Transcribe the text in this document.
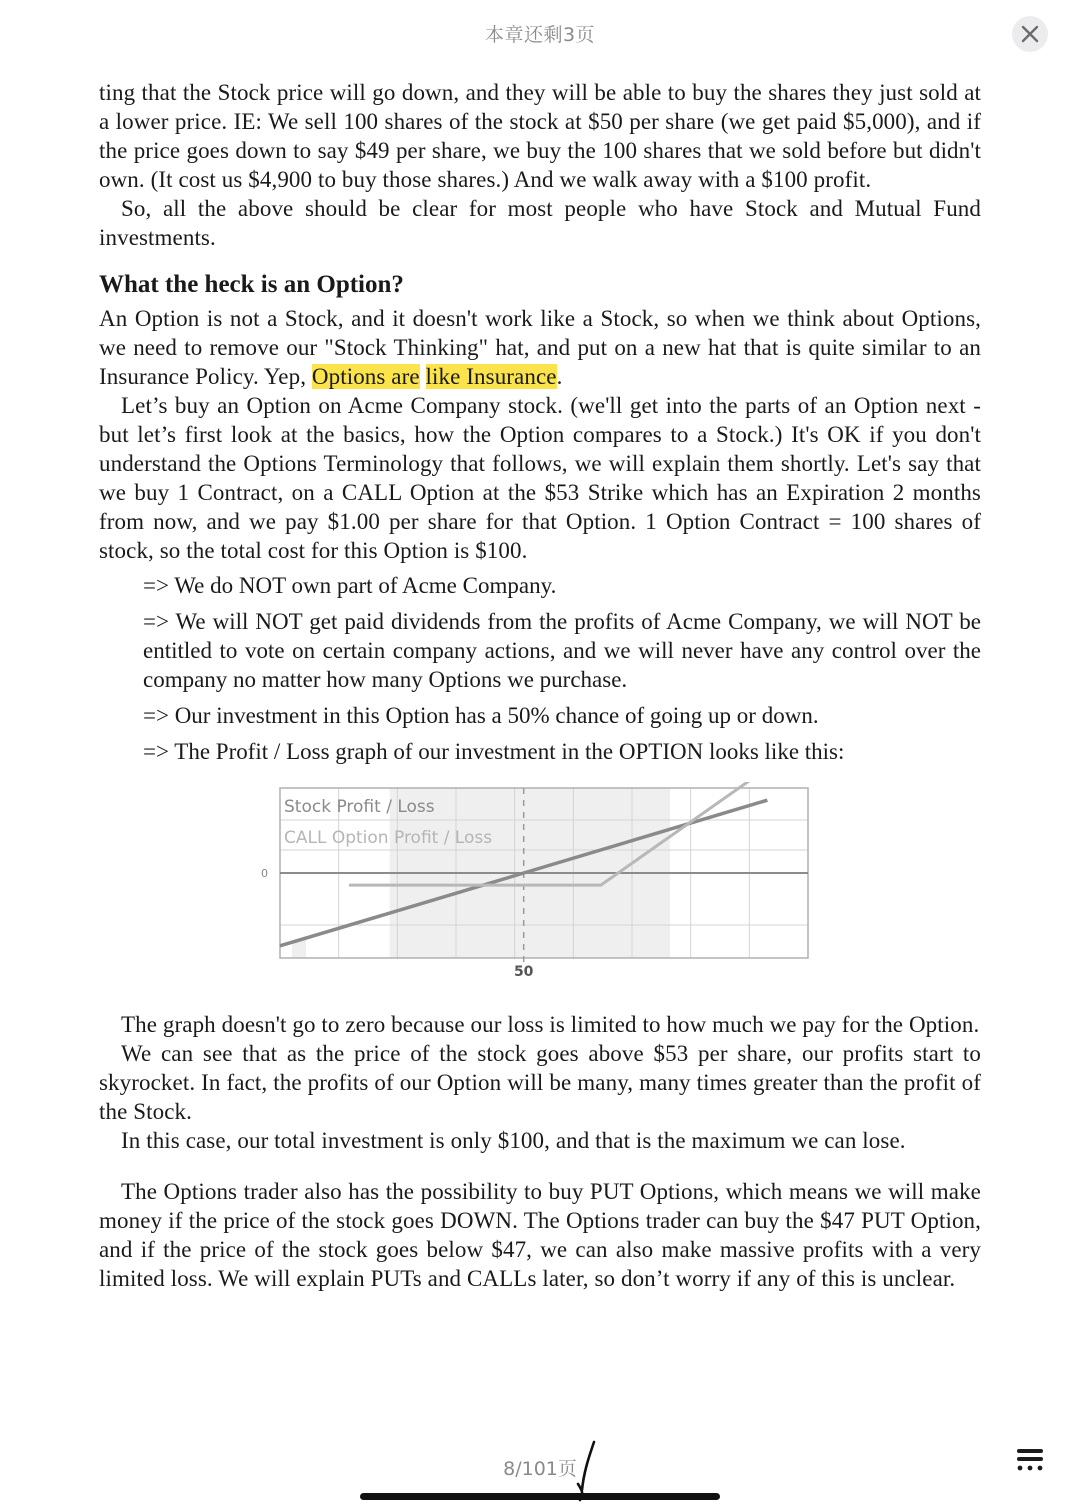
本章还剩3页

ting that the Stock price will go down, and they will be able to buy the shares they just sold at a lower price. IE: We sell 100 shares of the stock at $50 per share (we get paid $5,000), and if the price goes down to say $49 per share, we buy the 100 shares that we sold before but didn't own. (It cost us $4,900 to buy those shares.) And we walk away with a $100 profit.

So, all the above should be clear for most people who have Stock and Mutual Fund investments.

What the heck is an Option?

An Option is not a Stock, and it doesn't work like a Stock, so when we think about Options, we need to remove our "Stock Thinking" hat, and put on a new hat that is quite similar to an Insurance Policy. Yep, Options are like Insurance.

Let’s buy an Option on Acme Company stock. (we'll get into the parts of an Option next - but let’s first look at the basics, how the Option compares to a Stock.) It's OK if you don't understand the Options Terminology that follows, we will explain them shortly. Let's say that we buy 1 Contract, on a CALL Option at the $53 Strike which has an Expiration 2 months from now, and we pay $1.00 per share for that Option. 1 Option Contract = 100 shares of stock, so the total cost for this Option is $100.

=> We do NOT own part of Acme Company.
=> We will NOT get paid dividends from the profits of Acme Company, we will NOT be entitled to vote on certain company actions, and we will never have any control over the company no matter how many Options we purchase.
=> Our investment in this Option has a 50% chance of going up or down.
=> The Profit / Loss graph of our investment in the OPTION looks like this:
0
50
Stock Profit / Loss
CALL Option Profit / Loss

The graph doesn't go to zero because our loss is limited to how much we pay for the Option.

We can see that as the price of the stock goes above $53 per share, our profits start to skyrocket. In fact, the profits of our Option will be many, many times greater than the profit of the Stock.

In this case, our total investment is only $100, and that is the maximum we can lose.

The Options trader also has the possibility to buy PUT Options, which means we will make money if the price of the stock goes DOWN. The Options trader can buy the $47 PUT Option, and if the price of the stock goes below $47, we can also make massive profits with a very limited loss. We will explain PUTs and CALLs later, so don’t worry if any of this is unclear.

8/101页
